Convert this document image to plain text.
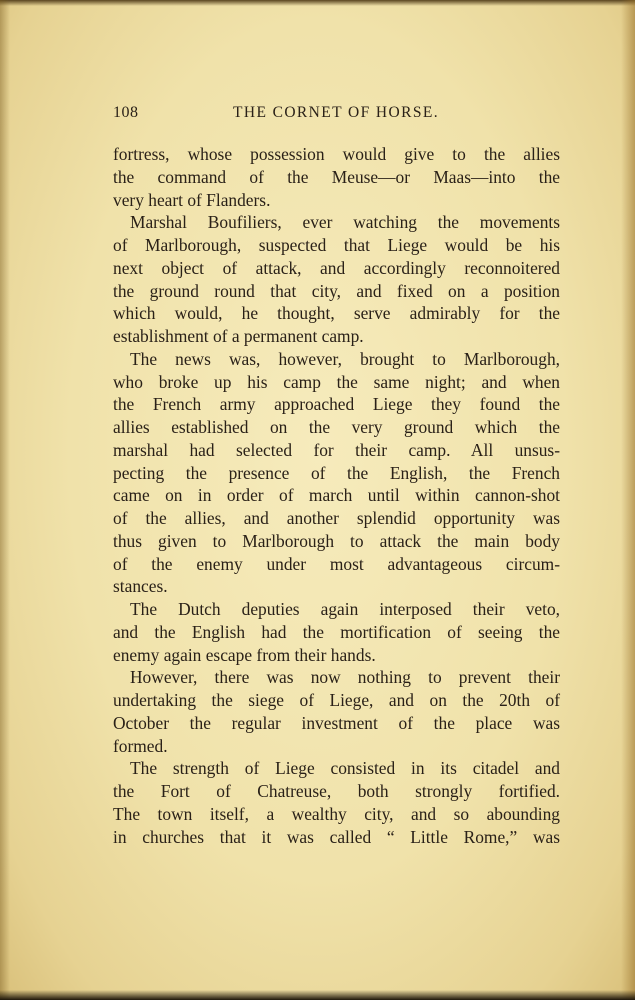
108	THE CORNET OF HORSE.
fortress, whose possession would give to the allies
the command of the Meuse—or Maas—into the
very heart of Flanders.
Marshal Boufiliers, ever watching the movements
of Marlborough, suspected that Liege would be his
next object of attack, and accordingly reconnoitered
the ground round that city, and fixed on a position
which would, he thought, serve admirably for the
establishment of a permanent camp.
The news was, however, brought to Marlborough,
who broke up his camp the same night; and when
the French army approached Liege they found the
allies established on the very ground which the
marshal had selected for their camp. All unsus-
pecting the presence of the English, the French
came on in order of march until within cannon-shot
of the allies, and another splendid opportunity was
thus given to Marlborough to attack the main body
of the enemy under most advantageous circum-
stances.
The Dutch deputies again interposed their veto,
and the English had the mortification of seeing the
enemy again escape from their hands.
However, there was now nothing to prevent their
undertaking the siege of Liege, and on the 20th of
October the regular investment of the place was
formed.
The strength of Liege consisted in its citadel and
the Fort of Chatreuse, both strongly fortified.
The town itself, a wealthy city, and so abounding
in churches that it was called “ Little Rome,” was
